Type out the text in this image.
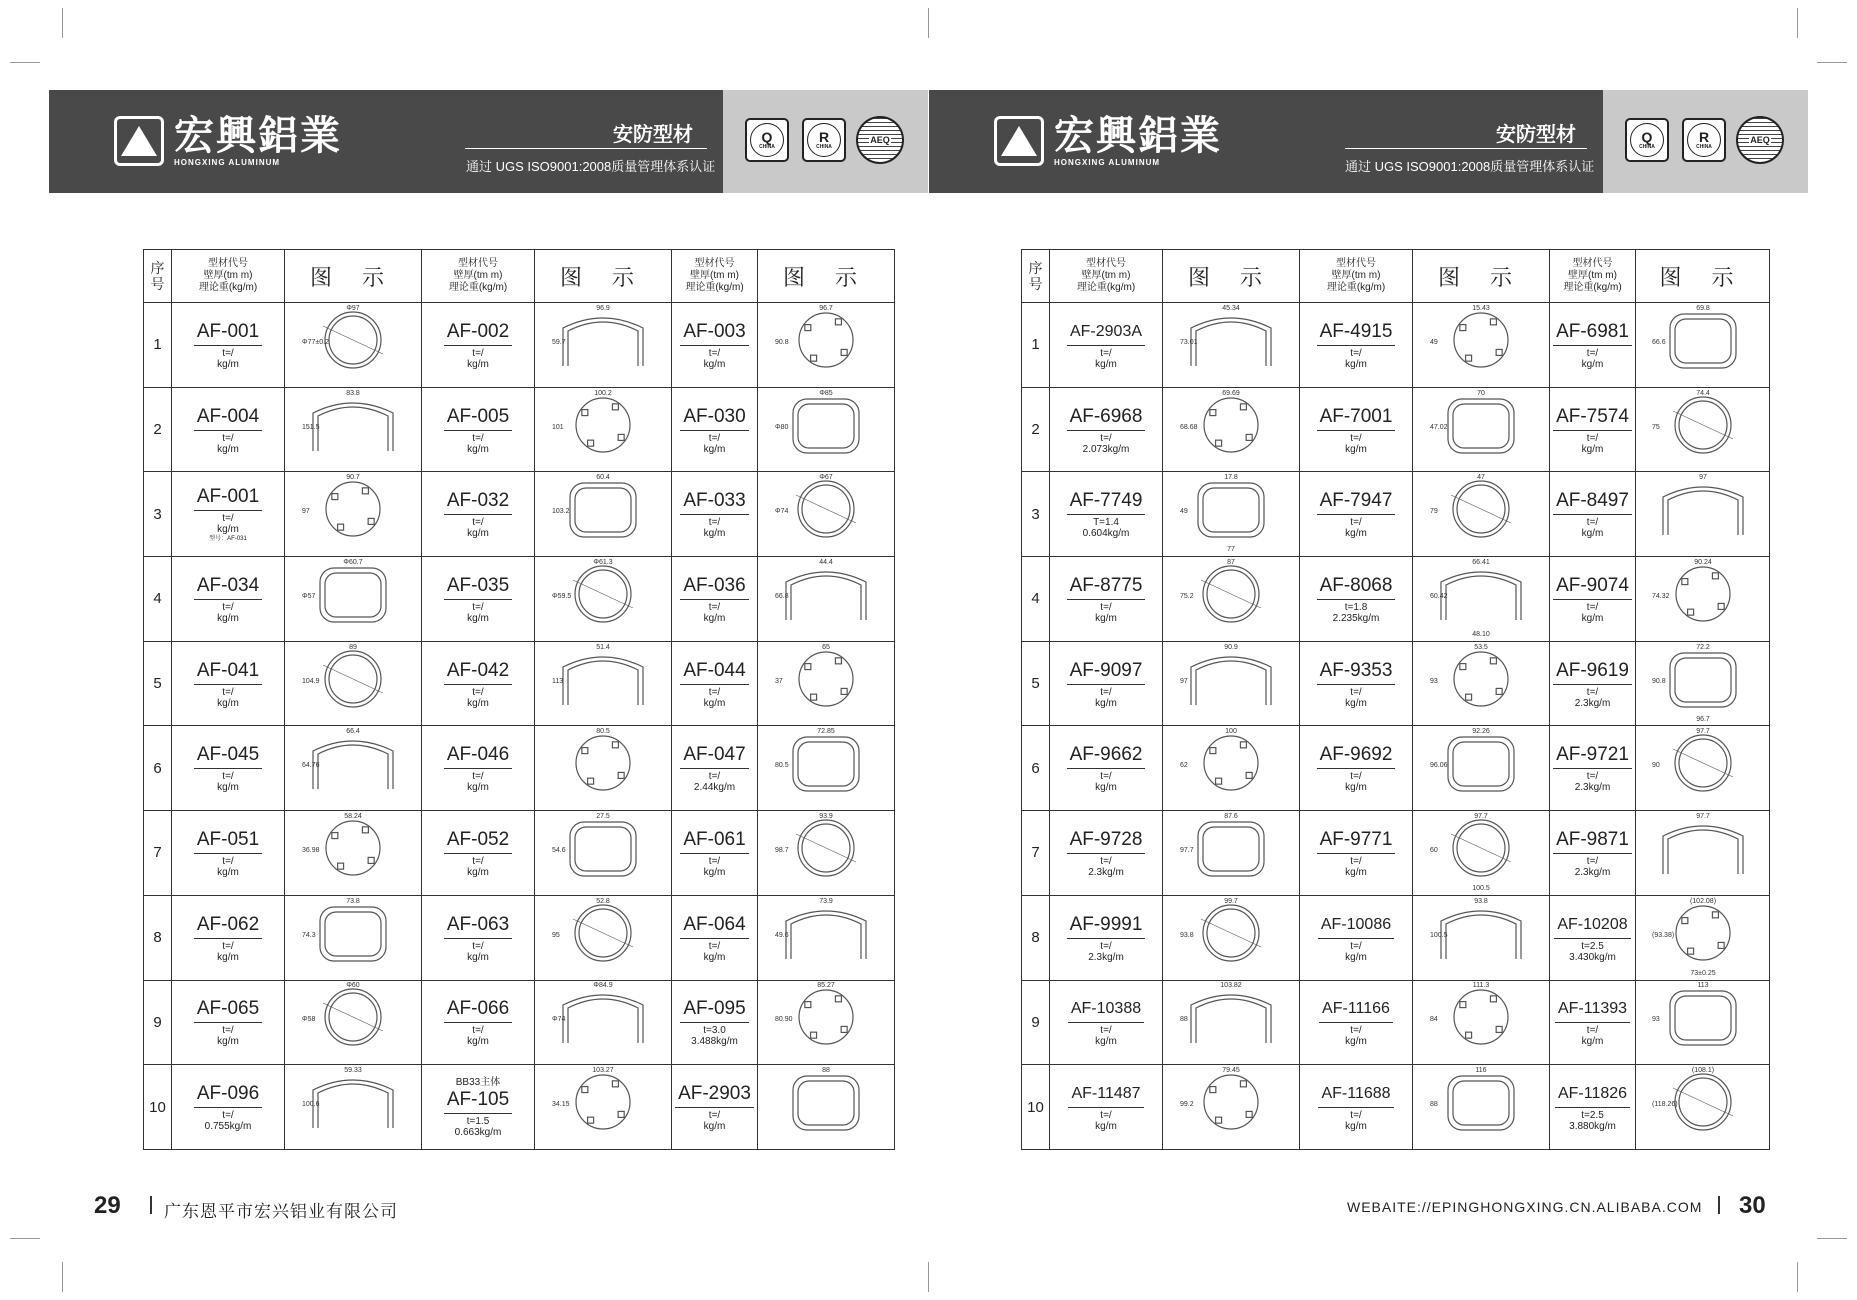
宏興鋁業
HONGXING ALUMINUM
安防型材
通过 UGS ISO9001:2008质量管理体系认证
Q
CHINA
R
CHINA
AEQ
序号	型材代号
壁厚(tm m)
理论重(kg/m)	图 示	型材代号
壁厚(tm m)
理论重(kg/m)	图 示	型材代号
壁厚(tm m)
理论重(kg/m)	图 示
1	AF-001
t=/
kg/m	Φ97
Φ77±0.2	AF-002
t=/
kg/m	96.9
59.7	AF-003
t=/
kg/m	96.7
90.8

2	AF-004
t=/
kg/m	83.8
151.5	AF-005
t=/
kg/m	100.2
101	AF-030
t=/
kg/m	Φ85
Φ80

3	AF-001
t=/
kg/m
型号：AF-031	90.7
97	AF-032
t=/
kg/m	60.4
103.2	AF-033
t=/
kg/m	Φ67
Φ74

4	AF-034
t=/
kg/m	Φ60.7
Φ57	AF-035
t=/
kg/m	Φ61.3
Φ59.5	AF-036
t=/
kg/m	44.4
66.8

5	AF-041
t=/
kg/m	89
104.9	AF-042
t=/
kg/m	51.4
113	AF-044
t=/
kg/m	65
37

6	AF-045
t=/
kg/m	66.4
64.76	AF-046
t=/
kg/m	80.5	AF-047
t=/
2.44kg/m	72.85
80.5

7	AF-051
t=/
kg/m	58.24
36.98	AF-052
t=/
kg/m	27.5
54.6	AF-061
t=/
kg/m	93.9
98.7

8	AF-062
t=/
kg/m	73.8
74.3	AF-063
t=/
kg/m	52.8
95	AF-064
t=/
kg/m	73.9
49.6

9	AF-065
t=/
kg/m	Φ60
Φ58	AF-066
t=/
kg/m	Φ84.9
Φ74	AF-095
t=3.0
3.488kg/m	85.27
80.90

10	AF-096
t=/
0.755kg/m	59.33
100.6	BB33主体
AF-105
t=1.5
0.663kg/m	103.27
34.15	AF-2903
t=/
kg/m	88
29	广东恩平市宏兴铝业有限公司
宏興鋁業
HONGXING ALUMINUM
安防型材
通过 UGS ISO9001:2008质量管理体系认证
Q
CHINA
R
CHINA
AEQ
序号	型材代号
壁厚(tm m)
理论重(kg/m)	图 示	型材代号
壁厚(tm m)
理论重(kg/m)	图 示	型材代号
壁厚(tm m)
理论重(kg/m)	图 示
1	AF-2903A
t=/
kg/m	45.34
73.01	AF-4915
t=/
kg/m	15.43
49	AF-6981
t=/
kg/m	69.8
66.6

2	AF-6968
t=/
2.073kg/m	69.69
68.68	AF-7001
t=/
kg/m	70
47.02	AF-7574
t=/
kg/m	74.4
75

3	AF-7749
T=1.4
0.604kg/m	17.8
49
77	AF-7947
t=/
kg/m	47
79	AF-8497
t=/
kg/m	97

4	AF-8775
t=/
kg/m	87
75.2	AF-8068
t=1.8
2.235kg/m	66.41
60.42
48.10	AF-9074
t=/
kg/m	90.24
74.32

5	AF-9097
t=/
kg/m	90.9
97	AF-9353
t=/
kg/m	53.5
93	AF-9619
t=/
2.3kg/m	72.2
90.8
96.7

6	AF-9662
t=/
kg/m	100
62	AF-9692
t=/
kg/m	92.26
96.06	AF-9721
t=/
2.3kg/m	97.7
90

7	AF-9728
t=/
2.3kg/m	87.6
97.7	AF-9771
t=/
kg/m	97.7
60
100.5	AF-9871
t=/
2.3kg/m	97.7

8	AF-9991
t=/
2.3kg/m	99.7
93.8	AF-10086
t=/
kg/m	93.8
100.5	AF-10208
t=2.5
3.430kg/m	(102.08)
(93.38)
73±0.25

9	AF-10388
t=/
kg/m	103.82
88	AF-11166
t=/
kg/m	111.3
84	AF-11393
t=/
kg/m	113
93

10	AF-11487
t=/
kg/m	79.45
99.2	AF-11688
t=/
kg/m	116
88	AF-11826
t=2.5
3.880kg/m	(108.1)
(118.26)
WEBAITE://EPINGHONGXING.CN.ALIBABA.COM 30
